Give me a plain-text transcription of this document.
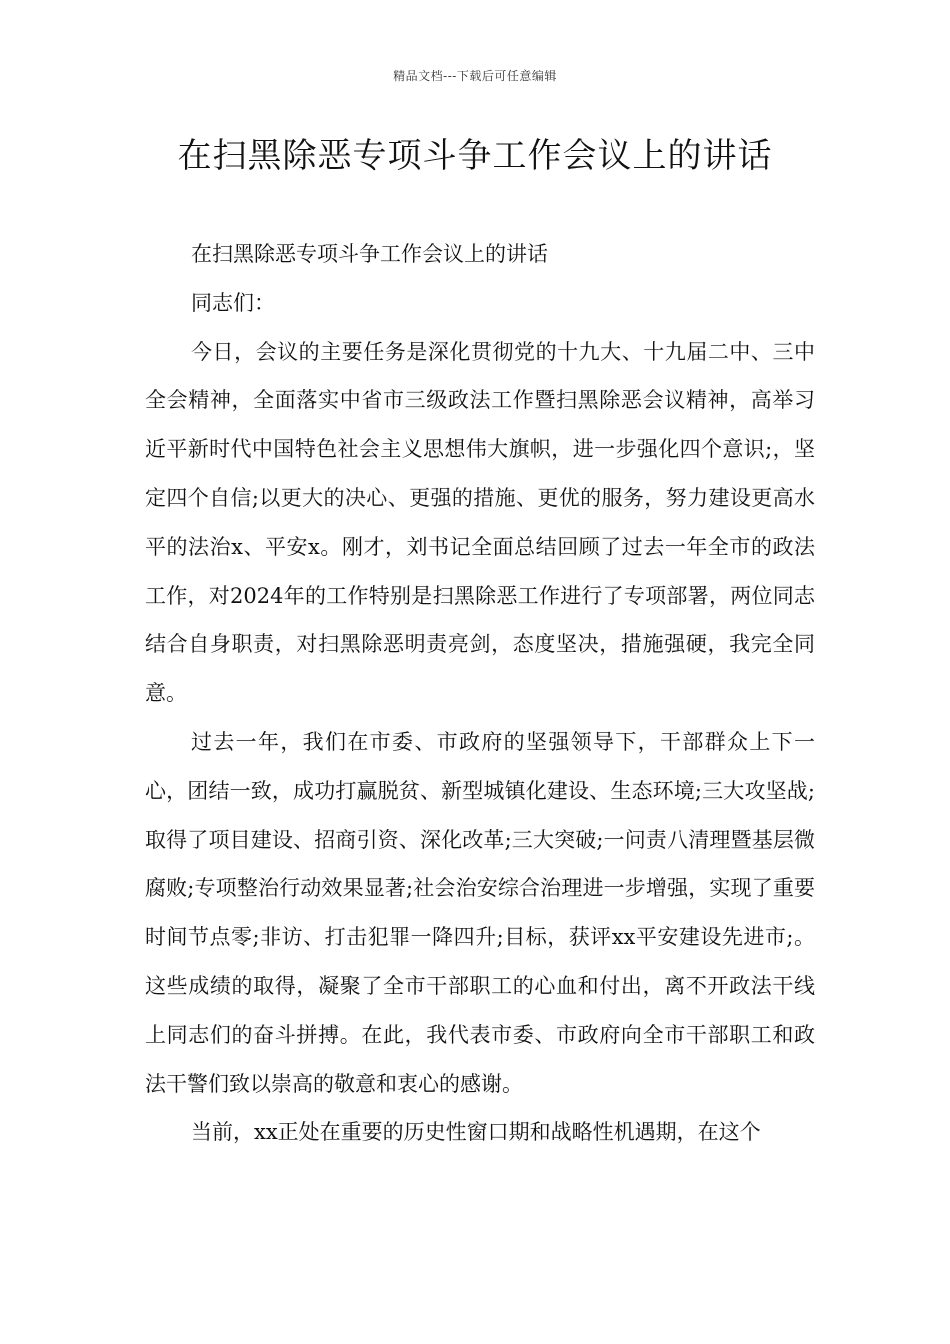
精品文档---下载后可任意编辑
在扫黑除恶专项斗争工作会议上的讲话

在扫黑除恶专项斗争工作会议上的讲话

同志们：

今日，会议的主要任务是深化贯彻党的十九大、十九届二中、三中全会精神，全面落实中省市三级政法工作暨扫黑除恶会议精神，高举习近平新时代中国特色社会主义思想伟大旗帜，进一步强化四个意识;，坚定四个自信;以更大的决心、更强的措施、更优的服务，努力建设更高水平的法治x、平安x。刚才，刘书记全面总结回顾了过去一年全市的政法工作，对2024年的工作特别是扫黑除恶工作进行了专项部署，两位同志结合自身职责，对扫黑除恶明责亮剑，态度坚决，措施强硬，我完全同意。

过去一年，我们在市委、市政府的坚强领导下，干部群众上下一心，团结一致，成功打赢脱贫、新型城镇化建设、生态环境;三大攻坚战;取得了项目建设、招商引资、深化改革;三大突破;一问责八清理暨基层微腐败;专项整治行动效果显著;社会治安综合治理进一步增强，实现了重要时间节点零;非访、打击犯罪一降四升;目标，获评xx平安建设先进市;。这些成绩的取得，凝聚了全市干部职工的心血和付出，离不开政法干线上同志们的奋斗拼搏。在此，我代表市委、市政府向全市干部职工和政法干警们致以崇高的敬意和衷心的感谢。

当前，xx正处在重要的历史性窗口期和战略性机遇期，在这个
